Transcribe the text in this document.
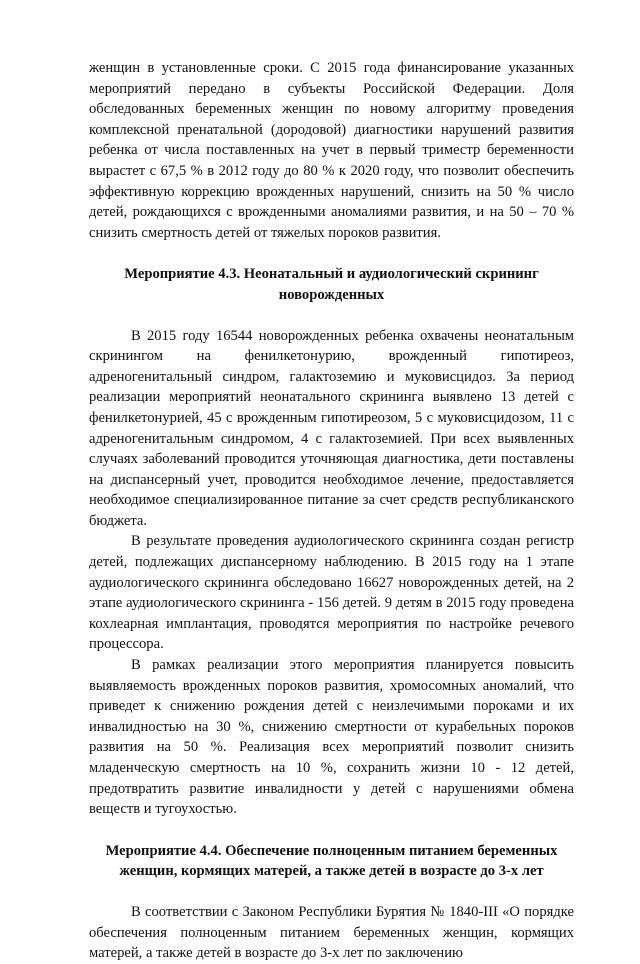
женщин в установленные сроки. С 2015 года финансирование указанных мероприятий передано в субъекты Российской Федерации. Доля обследованных беременных женщин по новому алгоритму проведения комплексной пренатальной (дородовой) диагностики нарушений развития ребенка от числа поставленных на учет в первый триместр беременности вырастет с 67,5 % в 2012 году до 80 % к 2020 году, что позволит обеспечить эффективную коррекцию врожденных нарушений, снизить на 50 % число детей, рождающихся с врожденными аномалиями развития, и на 50 – 70 % снизить смертность детей от тяжелых пороков развития.

Мероприятие 4.3. Неонатальный и аудиологический скрининг новорожденных

В 2015 году 16544 новорожденных ребенка охвачены неонатальным скринингом на фенилкетонурию, врожденный гипотиреоз, адреногенитальный синдром, галактоземию и муковисцидоз. За период реализации мероприятий неонатального скрининга выявлено 13 детей с фенилкетонурией, 45 с врожденным гипотиреозом, 5 с муковисцидозом, 11 с адреногенитальным синдромом, 4 с галактоземией. При всех выявленных случаях заболеваний проводится уточняющая диагностика, дети поставлены на диспансерный учет, проводится необходимое лечение, предоставляется необходимое специализированное питание за счет средств республиканского бюджета.

В результате проведения аудиологического скрининга создан регистр детей, подлежащих диспансерному наблюдению. В 2015 году на 1 этапе аудиологического скрининга обследовано 16627 новорожденных детей, на 2 этапе аудиологического скрининга - 156 детей. 9 детям в 2015 году проведена кохлеарная имплантация, проводятся мероприятия по настройке речевого процессора.

В рамках реализации этого мероприятия планируется повысить выявляемость врожденных пороков развития, хромосомных аномалий, что приведет к снижению рождения детей с неизлечимыми пороками и их инвалидностью на 30 %, снижению смертности от курабельных пороков развития на 50 %. Реализация всех мероприятий позволит снизить младенческую смертность на 10 %, сохранить жизни 10 - 12 детей, предотвратить развитие инвалидности у детей с нарушениями обмена веществ и тугоухостью.

Мероприятие 4.4. Обеспечение полноценным питанием беременных женщин, кормящих матерей, а также детей в возрасте до 3-х лет

В соответствии с Законом Республики Бурятия № 1840-III «О порядке обеспечения полноценным питанием беременных женщин, кормящих матерей, а также детей в возрасте до 3-х лет по заключению
